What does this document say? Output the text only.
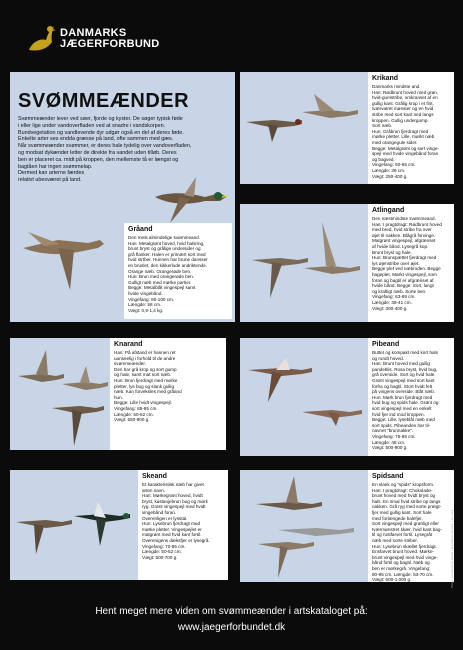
DANMARKS
JÆGERFORBUND
SVØMMEÆNDER
Svømmeænder lever ved søer, fjorde og kyster. De søger typisk føde
i eller lige under vandoverfladen ved at snadre i vandskorpen.
Bundvegetation og vandlevende dyr udgør også en del af deres føde.
Enkelte arter ses endda græsse på land, ofte sammen med gæs.
Når svømmeænder svømmer, er deres hale tydelig over vandoverfladen,
og modsat dykænder letter de direkte fra vandet uden tilløb. Deres
ben er placeret ca. midt på kroppen, den mellemste tå er længst og
bagtåen har ingen svømmelap.
Dermed kan arterne færdes
relativt ubesværet på land.
Gråand

Den mest almindelige svømmeand.
Han: Metalgrønt hoved, hvid halsring,
brunt bryst og grålige undersider og
grå flanker. Halen er primært sort med
hvid strtber. Hunnen har brune dansser
en bruslet, den kikkerlude andriktende.
Orange næb. Orangerøde ben.
Hun: Brun med orangerøde ben.
Gulligt næb med mørke partier.
Begge: Metalblåt vingespejl samt
hvide vingebånd.
Vingefang: 80-100 cm.
Længde: 58 cm.
Vægt: 0,9-1,4 kg.

Krikand

Danmarks mindste and.
Han: Rødbrunt hoved med grøn,
hvid-gumstribe, omkranset af en
gullig kant. Grålig krop i et fint,
tværvatret mønster og en hvid
stribe med sort kant ned langs
kroppen. Gullig undergump.
Sort næb.
Hun: Gråbrun fjerdragt med
mørke pletter. Lille, mørkt næb
med orangegule sider.
Begge: Metalgrønt og sort vinge-
spejl med hvide vingebånd foran
og bagved.
Vingefang: 60-65 cm.
Længde: 36 cm.
Vægt: 250-400 g.

Atlingand

Den næstmindste svømmeand.
Han: I pragtdragt: Rødbrunt hoved
med bred, hvid stribe fra over
øjet til nakken. Blågrå forvinge.
Matgrønt vingespejl, afgrænset
af hvide bånd. Lysegrå kop.
Brunt bryst og hale.
Hun: Brunspættet fjerdragt med
lys øjenstribe over øjet.
Begge plet ved næbroden. Begge
hageplet. Mørkt vingespejl, som
foran og bagtil er afgrænset af
hvide bånd. Begge: Sort, langt
og kraftigt næb. Sorte ben.
Vingefang: 63-69 cm.
Længde: 38-41 cm.
Vægt: 300-400 g.

Knarand

Han: På afstand er hannen ret
uanseelig i forhold til de andre
svømmeænder.
Den har grå krop og sort gump
og hale, samt mat sort næb.
Hun: Brun fjerdragt med mørke
pletter, lys bug og slank gullig
næb. Kan forveksles med gråand
hun.
Begge: Lille hvidt vingespejl.
Vingefang: 85-95 cm.
Længde: 50-52 cm.
Vægt: 650-900 g.

Pibeand

Buttet og kompakt med kort hals
og rundt hoved.
Han: Brunt hoved med gullig
pandeblis. Rosa bryst, hvid bug,
grå overside. Sort og hvid hale.
Grønt vingespejl med sort kant
forfra og bagtil. Stort hvidt felt
på vingens overside. Blåt næb.
Hun: Mørk brun fjerdragt med
hvid bug og spids hale. Grønt og
sort vingespejl med en enkelt
hvid fjer ind mod kroppen.
Begge: Lille, lyseblåt næb med
sort spids. Pibeanden har til-
navnet "brunnakke".
Vingefang: 75-85 cm.
Længde: 48 cm.
Vægt: 500-900 g.

Skeand

Et karakteristisk næb har givet
arten navn.
Han: Mørkegrønt hoved, hvidt
bryst, kastanjebrun bug og mørk
ryg. Grønt vingespejl med hvidt
vingebånd foran.
Overenligen er lysstal.
Hun: Lysebrun fjerdragt med
mørke pletter. Vingespejlet er
matgrønt med hvid kant fortil.
Overenigens dæksfjer er lysegrå.
Vingefang: 70-85 cm.
Længde: 50-52 cm.
Vægt: 500-700 g.

Spidsand

En slank og "spids" kropsform.
Han: I pragtdragt: Chokolade-
brunt hoved med hvidt bryst og
hals. En smal hvid stribe op langs
nakken. Grå ryg med sorte prægt-
fjer med gullig kant. Sort hale
med forlængede halefjer.
Sort vingespejl med grønligt eller
tværmønstret skær, hvid kant bag-
til og rustfarvet fortil. Lysegråt
næb med sorte striber.
Hun: Lysebrun skællet fjerdragt.
Ensfarvet brunt hoved. Mørke-
brunt vingespejl med hvid vinge-
bånd fortil og bagtil. Næb og
ben er mørkegrå. Vingefang:
80-95 cm. Længde: 53-70 cm.
Vægt: 600-1.000 g.	Photo: Conservation Media / Illustration / Grafisk: Lars Gejl
Hent meget mere viden om svømmeænder i artskataloget på:
www.jaegerforbundet.dk
